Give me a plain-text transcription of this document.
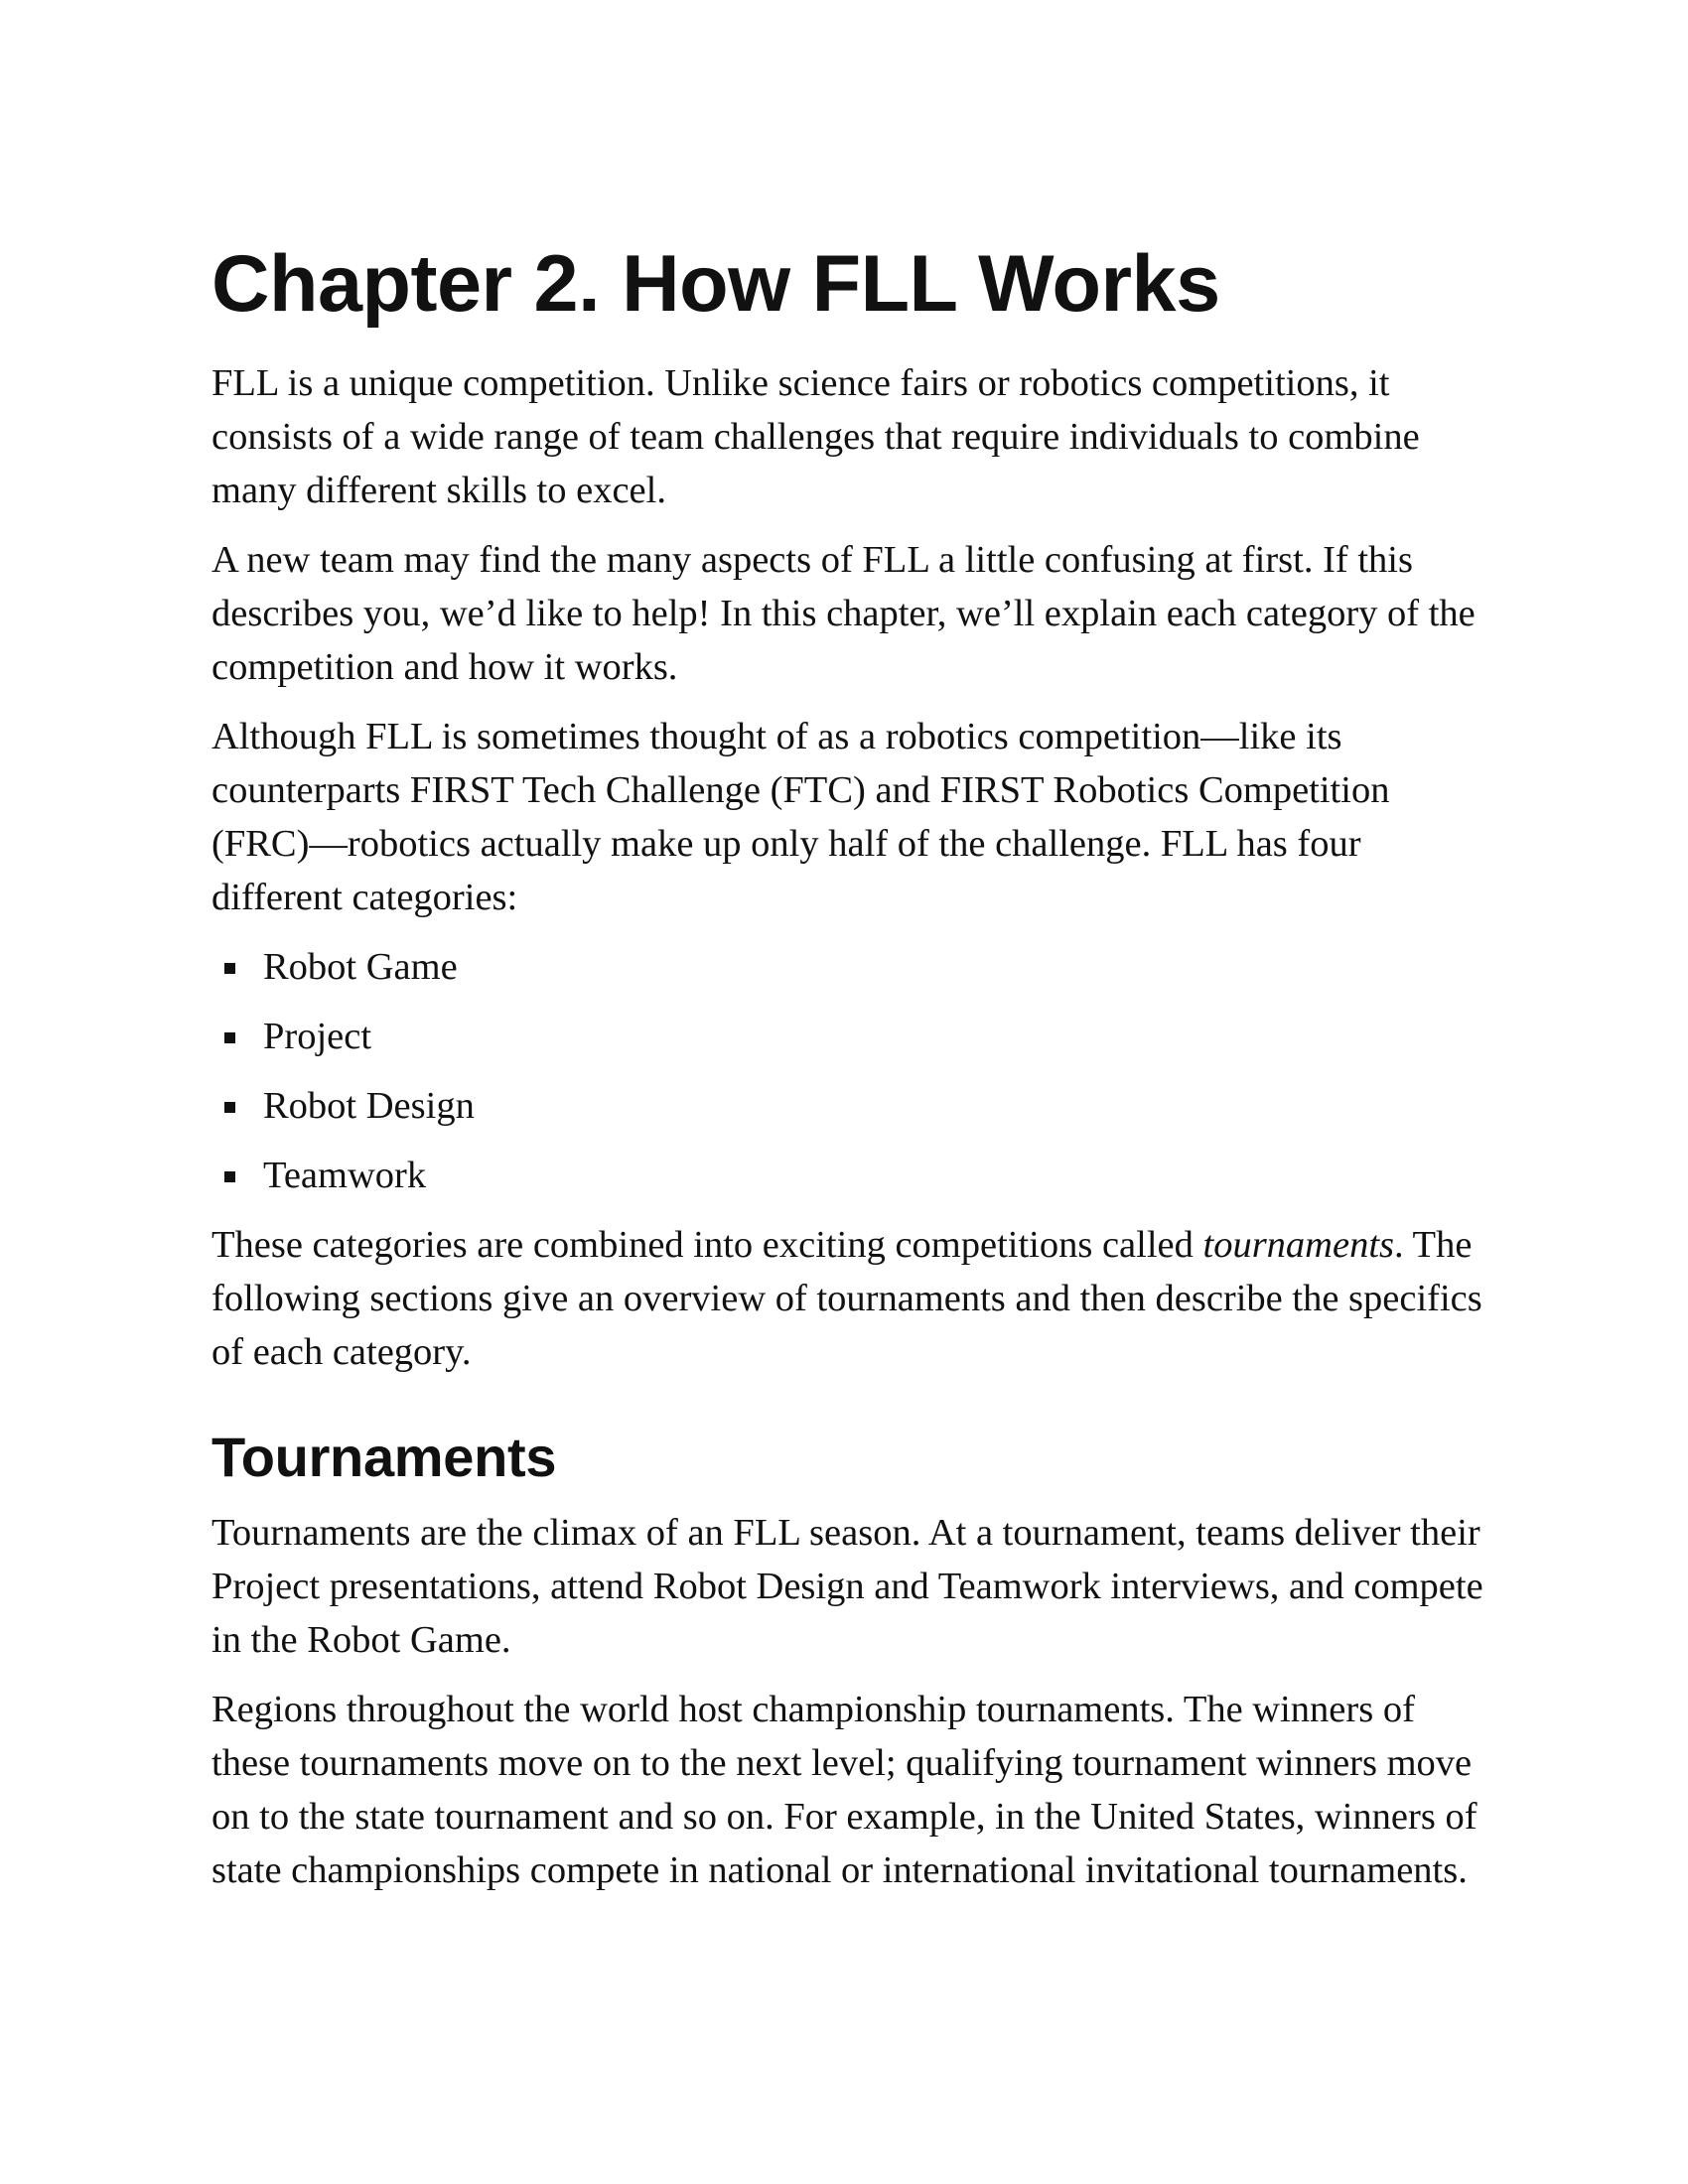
Chapter 2. How FLL Works

FLL is a unique competition. Unlike science fairs or robotics competitions, it consists of a wide range of team challenges that require individuals to combine many different skills to excel.

A new team may find the many aspects of FLL a little confusing at first. If this describes you, we’d like to help! In this chapter, we’ll explain each category of the competition and how it works.

Although FLL is sometimes thought of as a robotics competition—like its counterparts FIRST Tech Challenge (FTC) and FIRST Robotics Competition (FRC)—robotics actually make up only half of the challenge. FLL has four different categories:

Robot Game
Project
Robot Design
Teamwork

These categories are combined into exciting competitions called tournaments. The following sections give an overview of tournaments and then describe the specifics of each category.

Tournaments

Tournaments are the climax of an FLL season. At a tournament, teams deliver their Project presentations, attend Robot Design and Teamwork interviews, and compete in the Robot Game.

Regions throughout the world host championship tournaments. The winners of these tournaments move on to the next level; qualifying tournament winners move on to the state tournament and so on. For example, in the United States, winners of state championships compete in national or international invitational tournaments.
